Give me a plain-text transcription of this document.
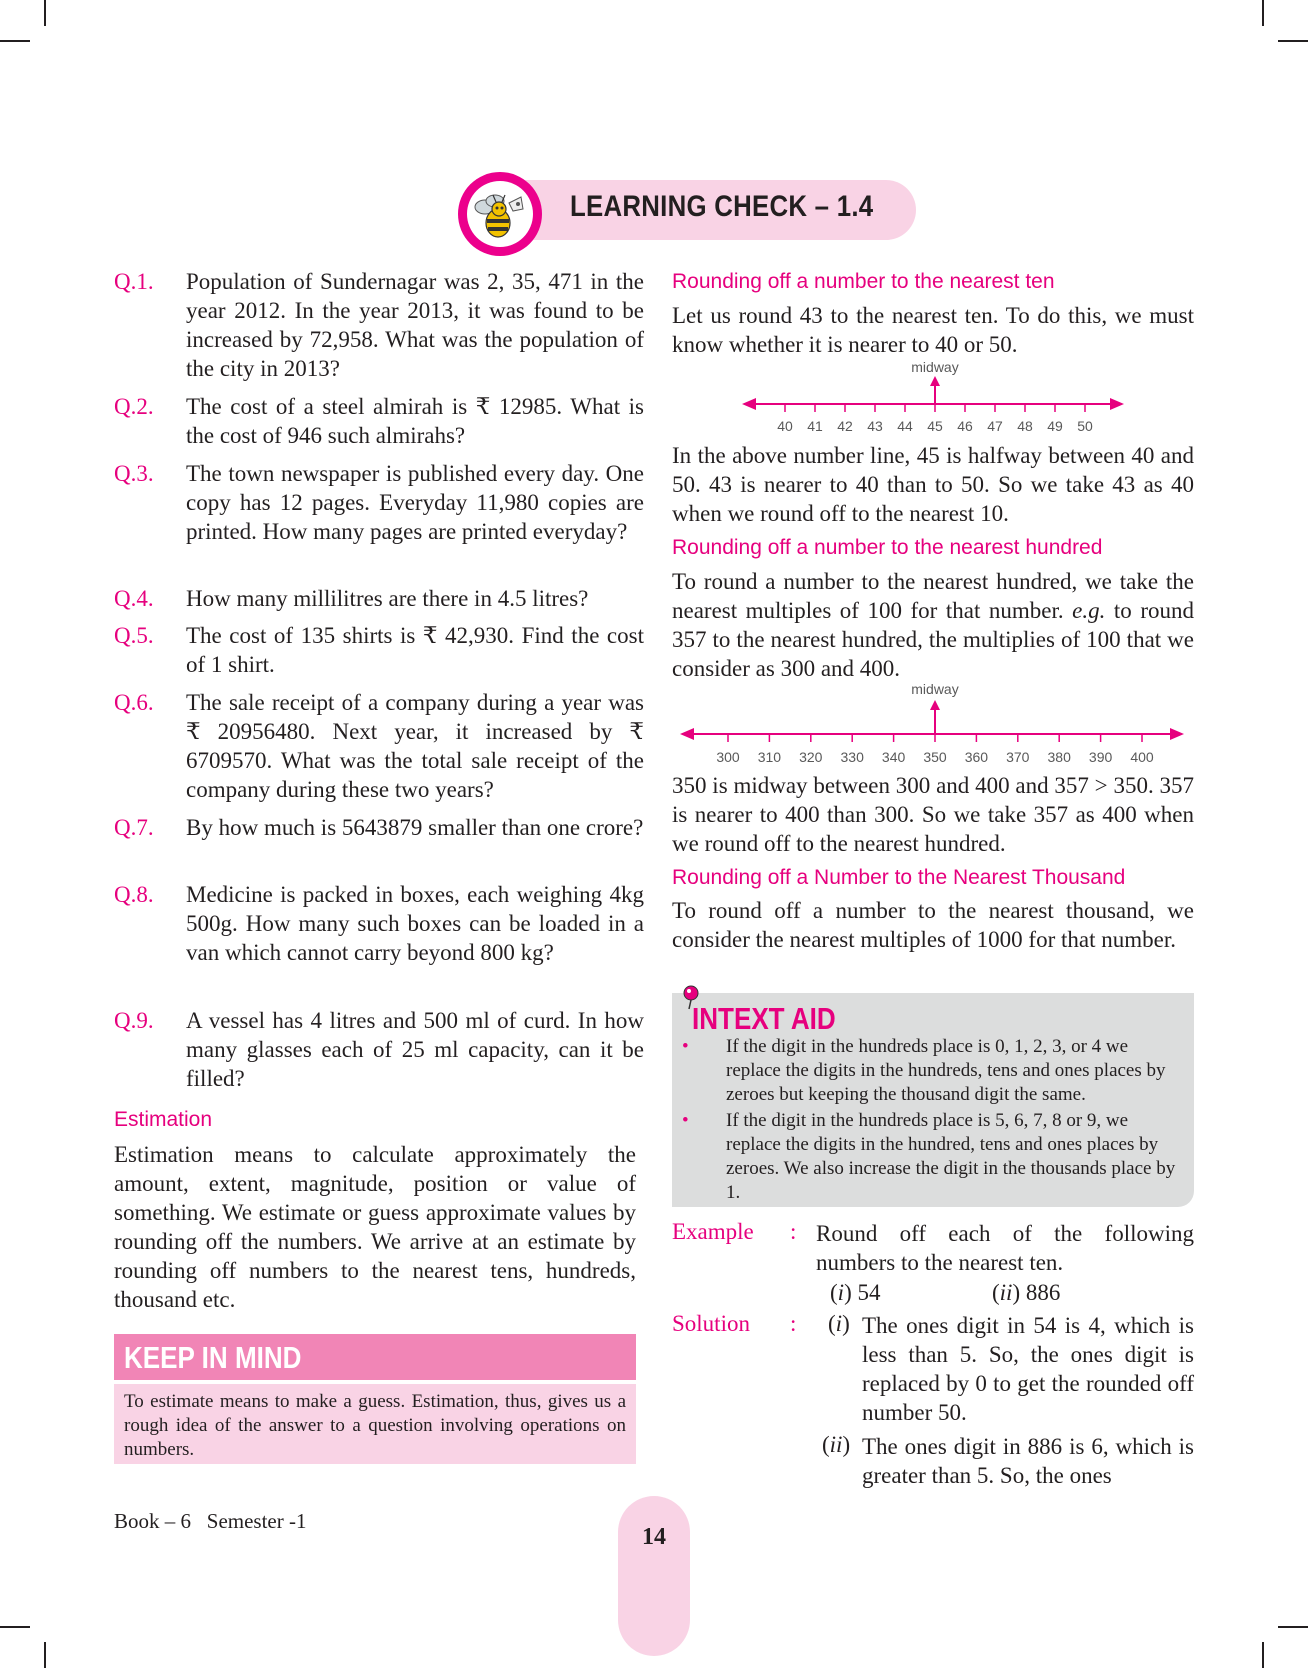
LEARNING CHECK – 1.4
Q.1. Population of Sundernagar was 2, 35, 471 in the year 2012. In the year 2013, it was found to be increased by 72,958. What was the population of the city in 2013?
Q.2. The cost of a steel almirah is ₹ 12985. What is the cost of 946 such almirahs?
Q.3. The town newspaper is published every day. One copy has 12 pages. Everyday 11,980 copies are printed. How many pages are printed everyday?
Q.4. How many millilitres are there in 4.5 litres?
Q.5. The cost of 135 shirts is ₹ 42,930. Find the cost of 1 shirt.
Q.6. The sale receipt of a company during a year was ₹ 20956480. Next year, it increased by ₹ 6709570. What was the total sale receipt of the company during these two years?
Q.7. By how much is 5643879 smaller than one crore?
Q.8. Medicine is packed in boxes, each weighing 4kg 500g. How many such boxes can be loaded in a van which cannot carry beyond 800 kg?
Q.9. A vessel has 4 litres and 500 ml of curd. In how many glasses each of 25 ml capacity, can it be filled?
Estimation
Estimation means to calculate approximately the amount, extent, magnitude, position or value of something. We estimate or guess approximate values by rounding off the numbers. We arrive at an estimate by rounding off numbers to the nearest tens, hundreds, thousand etc.
KEEP IN MIND
To estimate means to make a guess. Estimation, thus, gives us a rough idea of the answer to a question involving operations on numbers.
Rounding off a number to the nearest ten
Let us round 43 to the nearest ten. To do this, we must know whether it is nearer to 40 or 50.
midway
40 41 42 43 44 45 46 47 48 49 50
In the above number line, 45 is halfway between 40 and 50. 43 is nearer to 40 than to 50. So we take 43 as 40 when we round off to the nearest 10.
Rounding off a number to the nearest hundred
To round a number to the nearest hundred, we take the nearest multiples of 100 for that number. e.g. to round 357 to the nearest hundred, the multiplies of 100 that we consider as 300 and 400.
midway
300 310 320 330 340 350 360 370 380 390 400
350 is midway between 300 and 400 and 357 > 350. 357 is nearer to 400 than 300. So we take 357 as 400 when we round off to the nearest hundred.
Rounding off a Number to the Nearest Thousand
To round off a number to the nearest thousand, we consider the nearest multiples of 1000 for that number.
INTEXT AID
• If the digit in the hundreds place is 0, 1, 2, 3, or 4 we replace the digits in the hundreds, tens and ones places by zeroes but keeping the thousand digit the same.
• If the digit in the hundreds place is 5, 6, 7, 8 or 9, we replace the digits in the hundred, tens and ones places by zeroes. We also increase the digit in the thousands place by 1.
Example : Round off each of the following numbers to the nearest ten.
(i) 54	(ii) 886
Solution : (i) The ones digit in 54 is 4, which is less than 5. So, the ones digit is replaced by 0 to get the rounded off number 50.
(ii) The ones digit in 886 is 6, which is greater than 5. So, the ones
Book – 6 Semester -1
14
